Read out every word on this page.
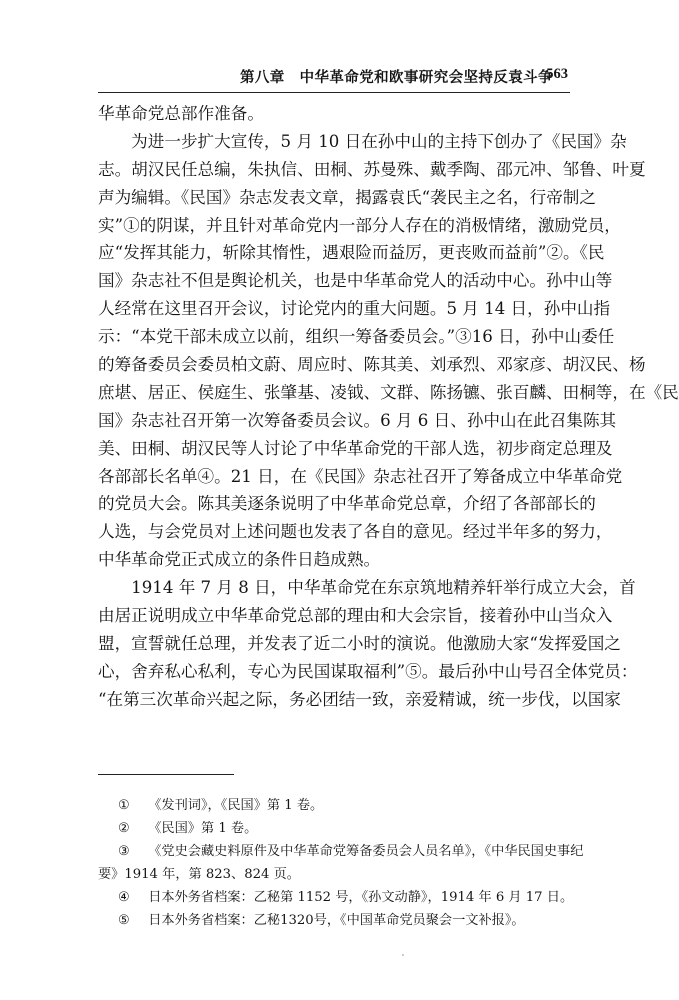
第八章　中华革命党和欧事研究会坚持反袁斗争
563
华革命党总部作准备。
　　为进一步扩大宣传，5 月 10 日在孙中山的主持下创办了《民国》杂
志。胡汉民任总编，朱执信、田桐、苏曼殊、戴季陶、邵元冲、邹鲁、叶夏
声为编辑。《民国》杂志发表文章，揭露袁氏“袭民主之名，行帝制之
实”①的阴谋，并且针对革命党内一部分人存在的消极情绪，激励党员，
应“发挥其能力，斩除其惰性，遇艰险而益厉，更丧败而益前”②。《民
国》杂志社不但是舆论机关，也是中华革命党人的活动中心。孙中山等
人经常在这里召开会议，讨论党内的重大问题。5 月 14 日，孙中山指
示：“本党干部未成立以前，组织一筹备委员会。”③16 日，孙中山委任
的筹备委员会委员柏文蔚、周应时、陈其美、刘承烈、邓家彦、胡汉民、杨
庶堪、居正、侯庭生、张肇基、凌钺、文群、陈扬镳、张百麟、田桐等，在《民
国》杂志社召开第一次筹备委员会议。6 月 6 日、孙中山在此召集陈其
美、田桐、胡汉民等人讨论了中华革命党的干部人选，初步商定总理及
各部部长名单④。21 日，在《民国》杂志社召开了筹备成立中华革命党
的党员大会。陈其美逐条说明了中华革命党总章，介绍了各部部长的
人选，与会党员对上述问题也发表了各自的意见。经过半年多的努力，
中华革命党正式成立的条件日趋成熟。
　　1914 年 7 月 8 日，中华革命党在东京筑地精养轩举行成立大会，首
由居正说明成立中华革命党总部的理由和大会宗旨，接着孙中山当众入
盟，宣誓就任总理，并发表了近二小时的演说。他激励大家“发挥爱国之
心，舍弃私心私利，专心为民国谋取福利”⑤。最后孙中山号召全体党员：
“在第三次革命兴起之际，务必团结一致，亲爱精诚，统一步伐，以国家
① 《发刊词》，《民国》第 1 卷。
② 《民国》第 1 卷。
③ 《党史会藏史料原件及中华革命党筹备委员会人员名单》，《中华民国史事纪
要》1914 年，第 823、824 页。
④ 日本外务省档案：乙秘第 1152 号，《孙文动静》，1914 年 6 月 17 日。
⑤ 日本外务省档案：乙秘1320号，《中国革命党员聚会一文补报》。
